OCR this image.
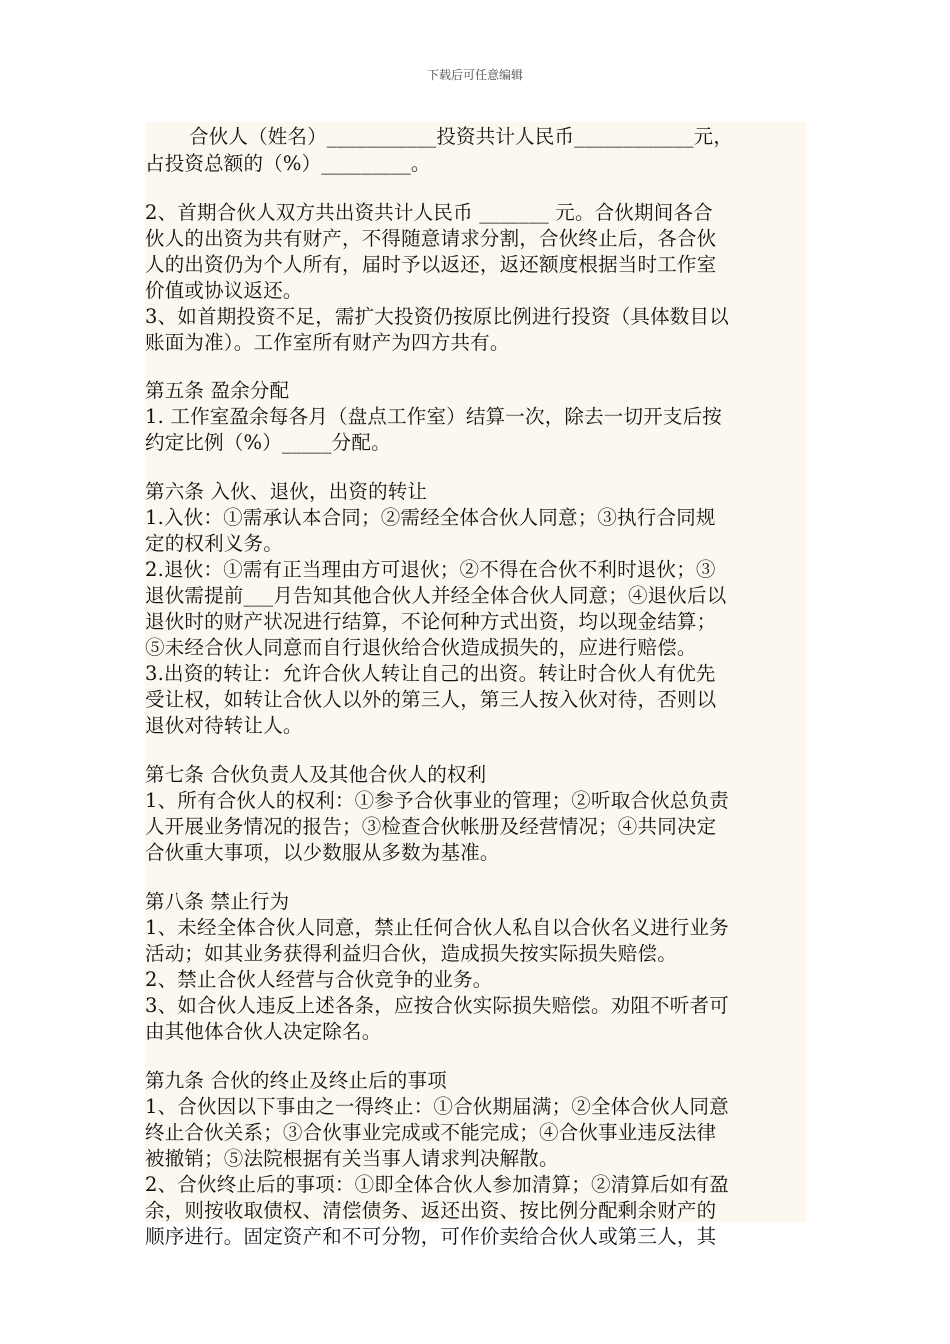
下载后可任意编辑
合伙人（姓名）___________投资共计人民币____________元，
占投资总额的（%）_________。
2、首期合伙人双方共出资共计人民币 _______ 元。合伙期间各合
伙人的出资为共有财产，不得随意请求分割，合伙终止后，各合伙
人的出资仍为个人所有，届时予以返还，返还额度根据当时工作室
价值或协议返还。
3、如首期投资不足，需扩大投资仍按原比例进行投资（具体数目以
账面为准）。工作室所有财产为四方共有。
第五条 盈余分配
1. 工作室盈余每各月（盘点工作室）结算一次，除去一切开支后按
约定比例（%）_____分配。
第六条 入伙、退伙，出资的转让
1.入伙：①需承认本合同；②需经全体合伙人同意；③执行合同规
定的权利义务。
2.退伙：①需有正当理由方可退伙；②不得在合伙不利时退伙；③
退伙需提前___月告知其他合伙人并经全体合伙人同意；④退伙后以
退伙时的财产状况进行结算，不论何种方式出资，均以现金结算；
⑤未经合伙人同意而自行退伙给合伙造成损失的，应进行赔偿。
3.出资的转让：允许合伙人转让自己的出资。转让时合伙人有优先
受让权，如转让合伙人以外的第三人，第三人按入伙对待，否则以
退伙对待转让人。
第七条 合伙负责人及其他合伙人的权利
1、所有合伙人的权利：①参予合伙事业的管理；②听取合伙总负责
人开展业务情况的报告；③检查合伙帐册及经营情况；④共同决定
合伙重大事项，以少数服从多数为基准。
第八条 禁止行为
1、未经全体合伙人同意，禁止任何合伙人私自以合伙名义进行业务
活动；如其业务获得利益归合伙，造成损失按实际损失赔偿。
2、禁止合伙人经营与合伙竞争的业务。
3、如合伙人违反上述各条，应按合伙实际损失赔偿。劝阻不听者可
由其他体合伙人决定除名。
第九条 合伙的终止及终止后的事项
1、合伙因以下事由之一得终止：①合伙期届满；②全体合伙人同意
终止合伙关系；③合伙事业完成或不能完成；④合伙事业违反法律
被撤销；⑤法院根据有关当事人请求判决解散。
2、合伙终止后的事项：①即全体合伙人参加清算；②清算后如有盈
余，则按收取债权、清偿债务、返还出资、按比例分配剩余财产的
顺序进行。固定资产和不可分物，可作价卖给合伙人或第三人，其
